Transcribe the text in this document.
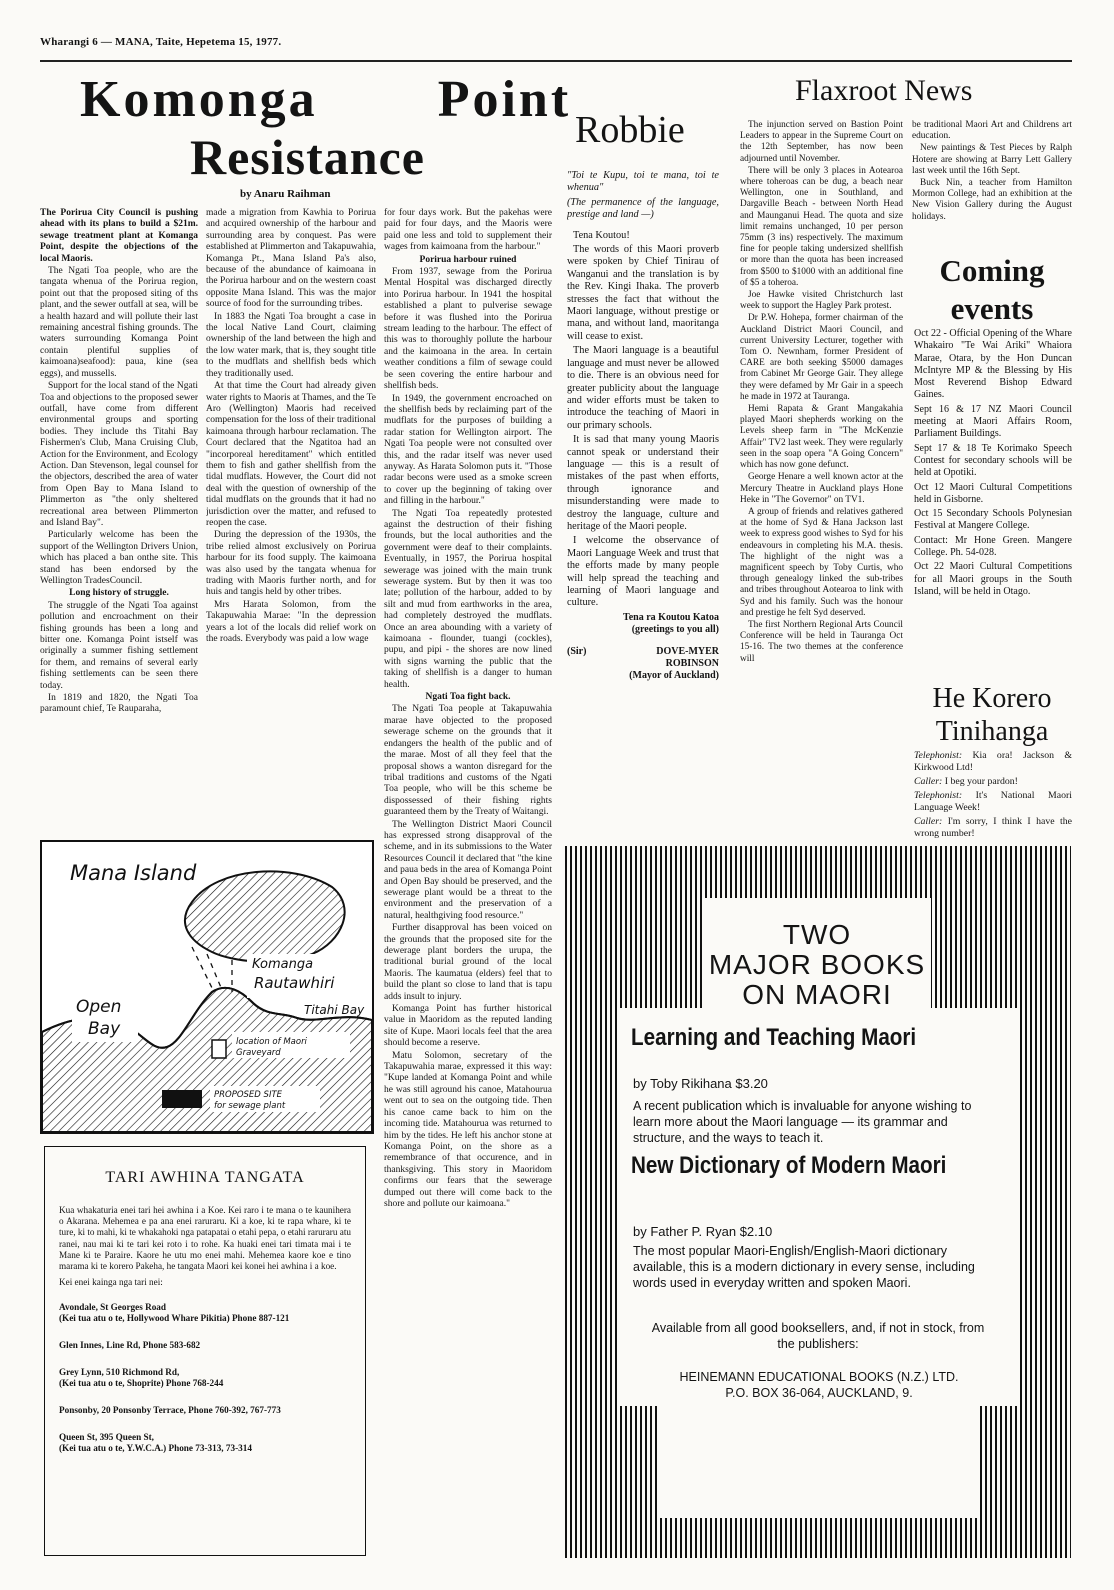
Wharangi 6 — MANA, Taite, Hepetema 15, 1977.
Komonga Point
Resistance
by Anaru Raihman

The Porirua City Council is pushing ahead with its plans to build a $21m. sewage treatment plant at Komanga Point, despite the objections of the local Maoris.

The Ngati Toa people, who are the tangata whenua of the Porirua region, point out that the proposed siting of ths plant, and the sewer outfall at sea, will be a health hazard and will pollute their last remaining ancestral fishing grounds. The waters surrounding Komanga Point contain plentiful supplies of kaimoana)seafood): paua, kine (sea eggs), and mussells.

Support for the local stand of the Ngati Toa and objections to the proposed sewer outfall, have come from different environmental groups and sporting bodies. They include ths Titahi Bay Fishermen's Club, Mana Cruising Club, Action for the Environment, and Ecology Action. Dan Stevenson, legal counsel for the objectors, described the area of water from Open Bay to Mana Island to Plimmerton as "the only sheltered recreational area between Plimmerton and Island Bay".

Particularly welcome has been the support of the Wellington Drivers Union, which has placed a ban onthe site. This stand has been endorsed by the Wellington TradesCouncil.

Long history of struggle.

The struggle of the Ngati Toa against pollution and encroachment on their fishing grounds has been a long and bitter one. Komanga Point istself was originally a summer fishing settlement for them, and remains of several early fishing settlements can be seen there today.

In 1819 and 1820, the Ngati Toa paramount chief, Te Rauparaha,

made a migration from Kawhia to Porirua and acquired ownership of the harbour and surrounding area by conquest. Pas were established at Plimmerton and Takapuwahia, Komanga Pt., Mana Island Pa's also, because of the abundance of kaimoana in the Porirua harbour and on the western coast opposite Mana Island. This was the major source of food for the surrounding tribes.

In 1883 the Ngati Toa brought a case in the local Native Land Court, claiming ownership of the land between the high and the low water mark, that is, they sought title to the mudflats and shellfish beds which they traditionally used.

At that time the Court had already given water rights to Maoris at Thames, and the Te Aro (Wellington) Maoris had received compensation for the loss of their traditional kaimoana through harbour reclamation. The Court declared that the Ngatitoa had an "incorporeal hereditament" which entitled them to fish and gather shellfish from the tidal mudflats. However, the Court did not deal with the question of ownership of the tidal mudflats on the grounds that it had no jurisdiction over the matter, and refused to reopen the case.

During the depression of the 1930s, the tribe relied almost exclusively on Porirua harbour for its food supply. The kaimoana was also used by the tangata whenua for trading with Maoris further north, and for huis and tangis held by other tribes.

Mrs Harata Solomon, from the Takapuwahia Marae: "In the depression years a lot of the locals did relief work on the roads. Everybody was paid a low wage

for four days work. But the pakehas were paid for four days, and the Maoris were paid one less and told to supplement their wages from kaimoana from the harbour."

Porirua harbour ruined

From 1937, sewage from the Porirua Mental Hospital was discharged directly into Porirua harbour. In 1941 the hospital established a plant to pulverise sewage before it was flushed into the Porirua stream leading to the harbour. The effect of this was to thoroughly pollute the harbour and the kaimoana in the area. In certain weather conditions a film of sewage could be seen covering the entire harbour and shellfish beds.

In 1949, the government encroached on the shellfish beds by reclaiming part of the mudflats for the purposes of building a radar station for Wellington airport. The Ngati Toa people were not consulted over this, and the radar itself was never used anyway. As Harata Solomon puts it. "Those radar becons were used as a smoke screen to cover up the beginning of taking over and filling in the harbour."

The Ngati Toa repeatedly protested against the destruction of their fishing frounds, but the local authorities and the government were deaf to their complaints. Eventually, in 1957, the Porirua hospital sewerage was joined with the main trunk sewerage system. But by then it was too late; pollution of the harbour, added to by silt and mud from earthworks in the area, had completely destroyed the mudflats. Once an area abounding with a variety of kaimoana - flounder, tuangi (cockles), pupu, and pipi - the shores are now lined with signs warning the public that the taking of shellfish is a danger to human health.

Ngati Toa fight back.

The Ngati Toa people at Takapuwahia marae have objected to the proposed sewerage scheme on the grounds that it endangers the health of the public and of the marae. Most of all they feel that the proposal shows a wanton disregard for the tribal traditions and customs of the Ngati Toa people, who will be this scheme be dispossessed of their fishing rights guaranteed them by the Treaty of Waitangi.

The Wellington District Maori Council has expressed strong disapproval of the scheme, and in its submissions to the Water Resources Council it declared that "the kine and paua beds in the area of Komanga Point and Open Bay should be preserved, and the sewerage plant would be a threat to the environment and the preservation of a natural, healthgiving food resource."

Further disapproval has been voiced on the grounds that the proposed site for the dewerage plant borders the urupa, the traditional burial ground of the local Maoris. The kaumatua (elders) feel that to build the plant so close to land that is tapu adds insult to injury.

Komanga Point has further historical value in Maoridom as the reputed landing site of Kupe. Maori locals feel that the area should become a reserve.

Matu Solomon, secretary of the Takapuwahia marae, expressed it this way: "Kupe landed at Komanga Point and while he was still aground his canoe, Matahourua went out to sea on the outgoing tide. Then his canoe came back to him on the incoming tide. Matahourua was returned to him by the tides. He left his anchor stone at Komanga Point, on the shore as a remembrance of that occurence, and in thanksgiving. This story in Maoridom confirms our fears that the sewerage dumped out there will come back to the shore and pollute our kaimoana."

Mana Island
Komanga
Rautawhiri
Titahi Bay
Open
Bay
location of Maori
Graveyard
PROPOSED SITE
for sewage plant
TARI AWHINA TANGATA

Kua whakaturia enei tari hei awhina i a Koe. Kei raro i te mana o te kaunihera o Akarana. Mehemea e pa ana enei raruraru. Ki a koe, ki te rapa whare, ki te ture, ki to mahi, ki te whakahoki nga patapatai o etahi pepa, o etahi raruraru atu ranei, nau mai ki te tari kei roto i to rohe. Ka huaki enei tari timata mai i te Mane ki te Paraire. Kaore he utu mo enei mahi. Mehemea kaore koe e tino marama ki te korero Pakeha, he tangata Maori kei konei hei awhina i a koe.

Kei enei kainga nga tari nei:

Avondale, St Georges Road
(Kei tua atu o te, Hollywood Whare Pikitia) Phone 887-121
Glen Innes, Line Rd, Phone 583-682
Grey Lynn, 510 Richmond Rd,
(Kei tua atu o te, Shoprite) Phone 768-244
Ponsonby, 20 Ponsonby Terrace, Phone 760-392, 767-773
Queen St, 395 Queen St,
(Kei tua atu o te, Y.W.C.A.) Phone 73-313, 73-314
Robbie

"Toi te Kupu, toi te mana, toi te whenua"

(The permanence of the language, prestige and land —)

Tena Koutou!

The words of this Maori proverb were spoken by Chief Tinirau of Wanganui and the translation is by the Rev. Kingi Ihaka. The proverb stresses the fact that without the Maori language, without prestige or mana, and without land, maoritanga will cease to exist.

The Maori language is a beautiful language and must never be allowed to die. There is an obvious need for greater publicity about the language and wider efforts must be taken to introduce the teaching of Maori in our primary schools.

It is sad that many young Maoris cannot speak or understand their language — this is a result of mistakes of the past when efforts, through ignorance and misunderstanding were made to destroy the language, culture and heritage of the Maori people.

I welcome the observance of Maori Language Week and trust that the efforts made by many people will help spread the teaching and learning of Maori language and culture.

Tena ra Koutou Katoa
(greetings to you all)
(Sir)	DOVE-MYER
ROBINSON
(Mayor of Auckland)
Flaxroot News

The injunction served on Bastion Point Leaders to appear in the Supreme Court on the 12th September, has now been adjourned until November.

There will be only 3 places in Aotearoa where toheroas can be dug, a beach near Wellington, one in Southland, and Dargaville Beach - between North Head and Maunganui Head. The quota and size limit remains unchanged, 10 per person 75mm (3 ins) respectively. The maximum fine for people taking undersized shellfish or more than the quota has been increased from $500 to $1000 with an additional fine of $5 a toheroa.

Joe Hawke visited Christchurch last week to support the Hagley Park protest.

Dr P.W. Hohepa, former chairman of the Auckland District Maori Council, and current University Lecturer, together with Tom O. Newnham, former President of CARE are both seeking $5000 damages from Cabinet Mr George Gair. They allege they were defamed by Mr Gair in a speech he made in 1972 at Tauranga.

Hemi Rapata & Grant Mangakahia played Maori shepherds working on the Levels sheep farm in "The McKenzie Affair" TV2 last week. They were regularly seen in the soap opera "A Going Concern" which has now gone defunct.

George Henare a well known actor at the Mercury Theatre in Auckland plays Hone Heke in "The Governor" on TV1.

A group of friends and relatives gathered at the home of Syd & Hana Jackson last week to express good wishes to Syd for his endeavours in completing his M.A. thesis. The highlight of the night was a magnificent speech by Toby Curtis, who through genealogy linked the sub-tribes and tribes throughout Aotearoa to link with Syd and his family. Such was the honour and prestige he felt Syd deserved.

The first Northern Regional Arts Council Conference will be held in Tauranga Oct 15-16. The two themes at the conference will

be traditional Maori Art and Childrens art education.

New paintings & Test Pieces by Ralph Hotere are showing at Barry Lett Gallery last week until the 16th Sept.

Buck Nin, a teacher from Hamilton Mormon College, had an exhibition at the New Vision Gallery during the August holidays.

Coming
events

Oct 22 - Official Opening of the Whare Whakairo "Te Wai Ariki" Whaiora Marae, Otara, by the Hon Duncan McIntyre MP & the Blessing by His Most Reverend Bishop Edward Gaines.

Sept 16 & 17 NZ Maori Council meeting at Maori Affairs Room, Parliament Buildings.

Sept 17 & 18 Te Korimako Speech Contest for secondary schools will be held at Opotiki.

Oct 12 Maori Cultural Competitions held in Gisborne.

Oct 15 Secondary Schools Polynesian Festival at Mangere College.

Contact: Mr Hone Green. Mangere College. Ph. 54-028.

Oct 22 Maori Cultural Competitions for all Maori groups in the South Island, will be held in Otago.

He Korero
Tinihanga

Telephonist: Kia ora! Jackson & Kirkwood Ltd!

Caller: I beg your pardon!

Telephonist: It's National Maori Language Week!

Caller: I'm sorry, I think I have the wrong number!

TWO
MAJOR BOOKS
ON MAORI
Learning and Teaching Maori
by Toby Rikihana $3.20
A recent publication which is invaluable for anyone wishing to learn more about the Maori language — its grammar and structure, and the ways to teach it.
New Dictionary of Modern Maori
by Father P. Ryan $2.10
The most popular Maori-English/English-Maori dictionary available, this is a modern dictionary in every sense, including words used in everyday written and spoken Maori.
Available from all good booksellers, and, if not in stock, from the publishers:
HEINEMANN EDUCATIONAL BOOKS (N.Z.) LTD.
P.O. BOX 36-064, AUCKLAND, 9.
